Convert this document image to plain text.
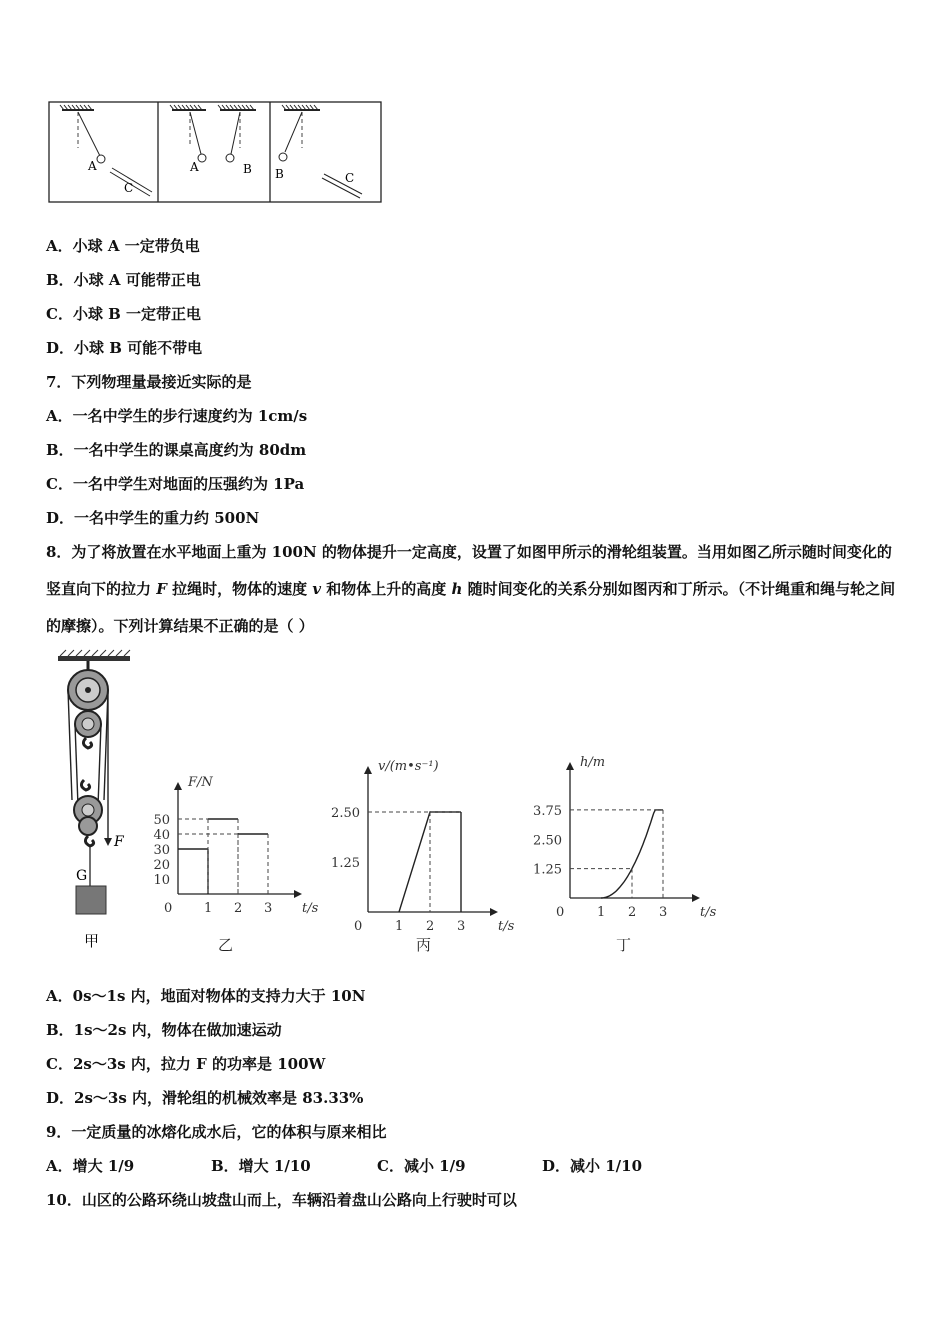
A
C
A	B B	C
A．小球 A 一定带负电
B．小球 A 可能带正电
C．小球 B 一定带正电
D．小球 B 可能不带电
7．下列物理量最接近实际的是
A．一名中学生的步行速度约为 1cm/s
B．一名中学生的课桌高度约为 80dm
C．一名中学生对地面的压强约为 1Pa
D．一名中学生的重力约 500N
8．为了将放置在水平地面上重为 100N 的物体提升一定高度，设置了如图甲所示的滑轮组装置。当用如图乙所示随时间变化的竖直向下的拉力 F 拉绳时，物体的速度 v 和物体上升的高度 h 随时间变化的关系分别如图丙和丁所示。（不计绳重和绳与轮之间的摩擦）。下列计算结果不正确的是（ ）
F
G
甲
F/N
t/s
0 1 2 3
10
20
30
40
50
乙
v/(m•s⁻¹)
t/s
0	1 2 3
1.25
2.50
丙
h/m
t/s
0	1 2 3
1.25
2.50
3.75
丁
A．0s～1s 内，地面对物体的支持力大于 10N
B．1s～2s 内，物体在做加速运动
C．2s～3s 内，拉力 F 的功率是 100W
D．2s～3s 内，滑轮组的机械效率是 83.33%
9．一定质量的冰熔化成水后，它的体积与原来相比
A．增大 1/9	B．增大 1/10	C．减小 1/9	D．减小 1/10
10．山区的公路环绕山坡盘山而上，车辆沿着盘山公路向上行驶时可以
